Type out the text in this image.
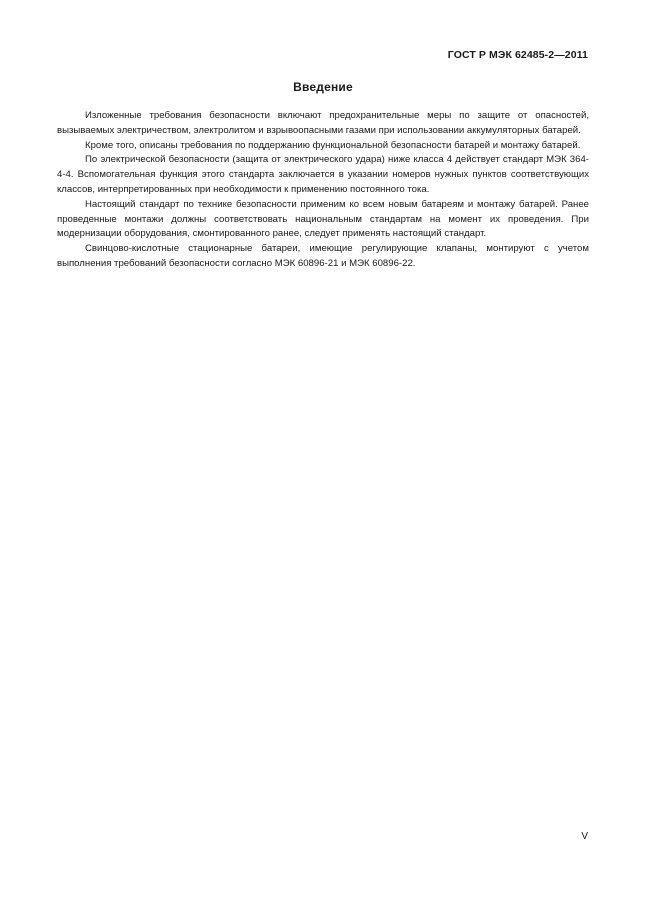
ГОСТ Р МЭК 62485-2—2011
Введение

Изложенные требования безопасности включают предохранительные меры по защите от опасностей, вызываемых электричеством, электролитом и взрывоопасными газами при использовании аккумуляторных батарей.

Кроме того, описаны требования по поддержанию функциональной безопасности батарей и монтажу батарей.

По электрической безопасности (защита от электрического удара) ниже класса 4 действует стандарт МЭК 364-4-4. Вспомогательная функция этого стандарта заключается в указании номеров нужных пунктов соответствующих классов, интерпретированных при необходимости к применению постоянного тока.

Настоящий стандарт по технике безопасности применим ко всем новым батареям и монтажу батарей. Ранее проведенные монтажи должны соответствовать национальным стандартам на момент их проведения. При модернизации оборудования, смонтированного ранее, следует применять настоящий стандарт.

Свинцово-кислотные стационарные батареи, имеющие регулирующие клапаны, монтируют с учетом выполнения требований безопасности согласно МЭК 60896-21 и МЭК 60896-22.

V
